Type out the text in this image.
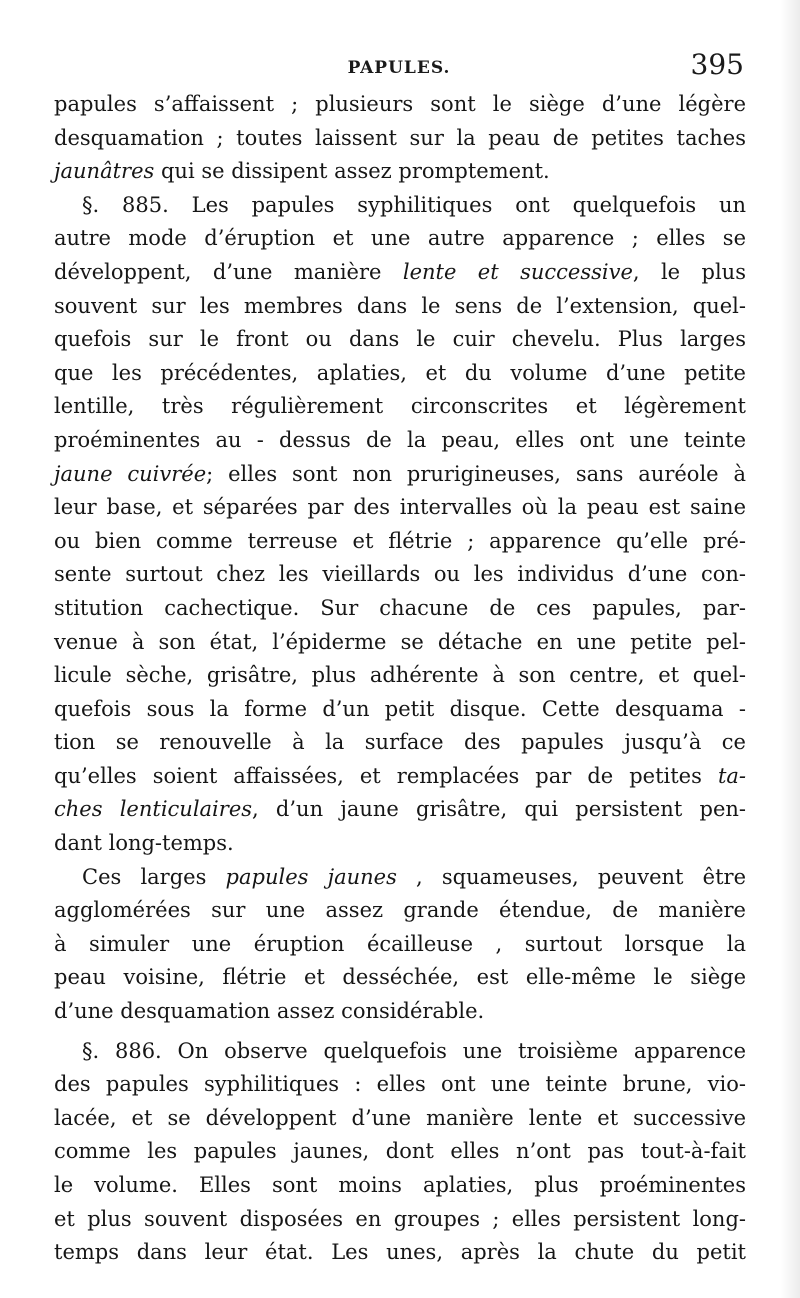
PAPULES.	395
papules s’affaissent ; plusieurs sont le siège d’une légère
desquamation ; toutes laissent sur la peau de petites taches
jaunâtres qui se dissipent assez promptement.
§. 885. Les papules syphilitiques ont quelquefois un
autre mode d’éruption et une autre apparence ; elles se
développent, d’une manière lente et successive, le plus
souvent sur les membres dans le sens de l’extension, quel-
quefois sur le front ou dans le cuir chevelu. Plus larges
que les précédentes, aplaties, et du volume d’une petite
lentille, très régulièrement circonscrites et légèrement
proéminentes au - dessus de la peau, elles ont une teinte
jaune cuivrée; elles sont non prurigineuses, sans auréole à
leur base, et séparées par des intervalles où la peau est saine
ou bien comme terreuse et flétrie ; apparence qu’elle pré-
sente surtout chez les vieillards ou les individus d’une con-
stitution cachectique. Sur chacune de ces papules, par-
venue à son état, l’épiderme se détache en une petite pel-
licule sèche, grisâtre, plus adhérente à son centre, et quel-
quefois sous la forme d’un petit disque. Cette desquama -
tion se renouvelle à la surface des papules jusqu’à ce
qu’elles soient affaissées, et remplacées par de petites ta-
ches lenticulaires, d’un jaune grisâtre, qui persistent pen-
dant long-temps.
Ces larges papules jaunes , squameuses, peuvent être
agglomérées sur une assez grande étendue, de manière
à simuler une éruption écailleuse , surtout lorsque la
peau voisine, flétrie et desséchée, est elle-même le siège
d’une desquamation assez considérable.
§. 886. On observe quelquefois une troisième apparence
des papules syphilitiques : elles ont une teinte brune, vio-
lacée, et se développent d’une manière lente et successive
comme les papules jaunes, dont elles n’ont pas tout-à-fait
le volume. Elles sont moins aplaties, plus proéminentes
et plus souvent disposées en groupes ; elles persistent long-
temps dans leur état. Les unes, après la chute du petit
